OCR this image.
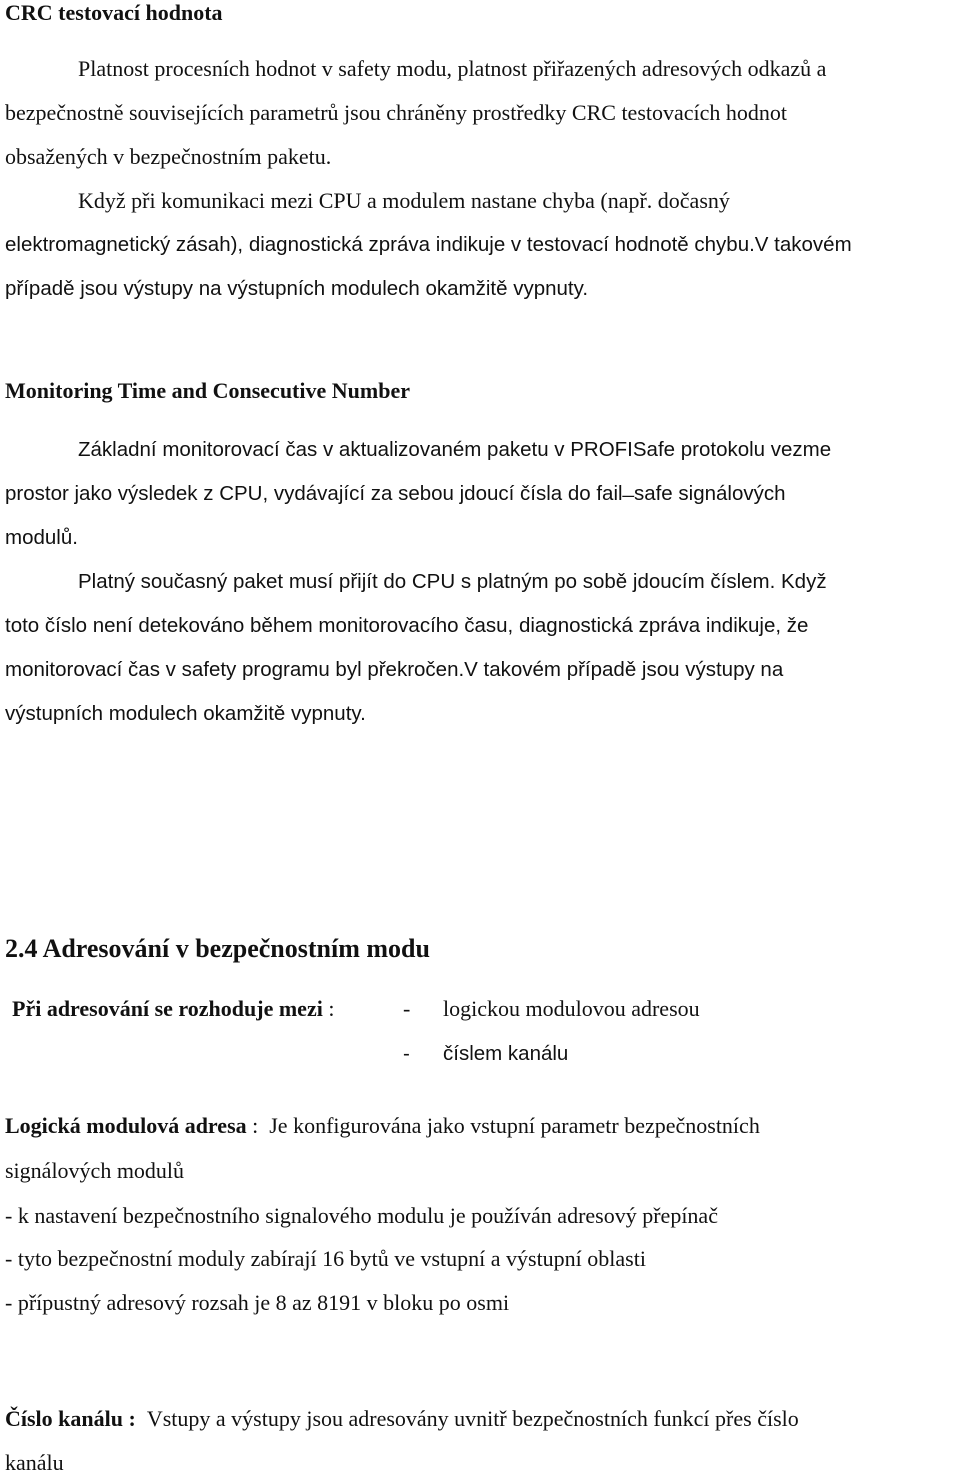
CRC testovací hodnota
Platnost procesních hodnot v safety modu, platnost přiřazených adresových odkazů a
bezpečnostně souvisejících parametrů jsou chráněny prostředky CRC testovacích hodnot
obsažených v bezpečnostním paketu.
Když při komunikaci mezi CPU a modulem nastane chyba (např. dočasný
elektromagnetický zásah), diagnostická zpráva indikuje v testovací hodnotě chybu.V takovém
případě jsou výstupy na výstupních modulech okamžitě vypnuty.
Monitoring Time and Consecutive Number
Základní monitorovací čas v aktualizovaném paketu v PROFISafe protokolu vezme
prostor jako výsledek z CPU, vydávající za sebou jdoucí čísla do fail ̶ safe signálových
modulů.
Platný současný paket musí přijít do CPU s platným po sobě jdoucím číslem. Když
toto číslo není detekováno během monitorovacího času, diagnostická zpráva indikuje, že
monitorovací čas v safety programu byl překročen.V takovém případě jsou výstupy na
výstupních modulech okamžitě vypnuty.
2.4 Adresování v bezpečnostním modu
Při adresování se rozhoduje mezi :	- logickou modulovou adresou
- číslem kanálu
Logická modulová adresa : Je konfigurována jako vstupní parametr bezpečnostních
signálových modulů
- k nastavení bezpečnostního signalového modulu je používán adresový přepínač
- tyto bezpečnostní moduly zabírají 16 bytů ve vstupní a výstupní oblasti
- přípustný adresový rozsah je 8 az 8191 v bloku po osmi
Číslo kanálu : Vstupy a výstupy jsou adresovány uvnitř bezpečnostních funkcí přes číslo
kanálu
